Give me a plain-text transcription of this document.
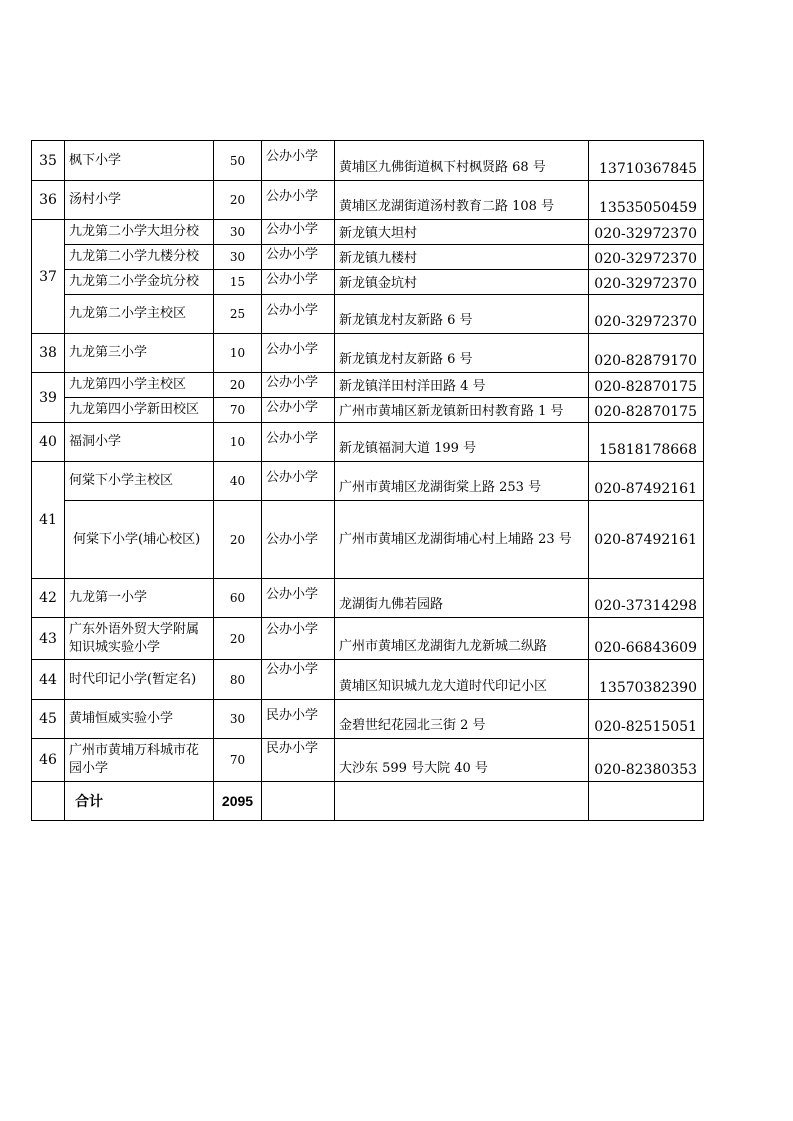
35	枫下小学	50	公办小学	黄埔区九佛街道枫下村枫贤路 68 号	13710367845
36	汤村小学	20	公办小学	黄埔区龙湖街道汤村教育二路 108 号	13535050459
37	九龙第二小学大坦分校	30	公办小学	新龙镇大坦村	020-32972370
	九龙第二小学九楼分校	30	公办小学	新龙镇九楼村	020-32972370
	九龙第二小学金坑分校	15	公办小学	新龙镇金坑村	020-32972370
	九龙第二小学主校区	25	公办小学	新龙镇龙村友新路 6 号	020-32972370
38	九龙第三小学	10	公办小学	新龙镇龙村友新路 6 号	020-82879170
39	九龙第四小学主校区	20	公办小学	新龙镇洋田村洋田路 4 号	020-82870175
	九龙第四小学新田校区	70	公办小学	广州市黄埔区新龙镇新田村教育路 1 号	020-82870175
40	福洞小学	10	公办小学	新龙镇福洞大道 199 号	15818178668
41	何棠下小学主校区	40	公办小学	广州市黄埔区龙湖街棠上路 253 号	020-87492161
	何棠下小学(埔心校区)	20	公办小学	广州市黄埔区龙湖街埔心村上埔路 23 号	020-87492161
42	九龙第一小学	60	公办小学	龙湖街九佛若园路	020-37314298
43	广东外语外贸大学附属知识城实验小学	20	公办小学	广州市黄埔区龙湖街九龙新城二纵路	020-66843609
44	时代印记小学(暂定名)	80	公办小学	黄埔区知识城九龙大道时代印记小区	13570382390
45	黄埔恒威实验小学	30	民办小学	金碧世纪花园北三街 2 号	020-82515051
46	广州市黄埔万科城市花园小学	70	民办小学	大沙东 599 号大院 40 号	020-82380353
	合计	2095			
